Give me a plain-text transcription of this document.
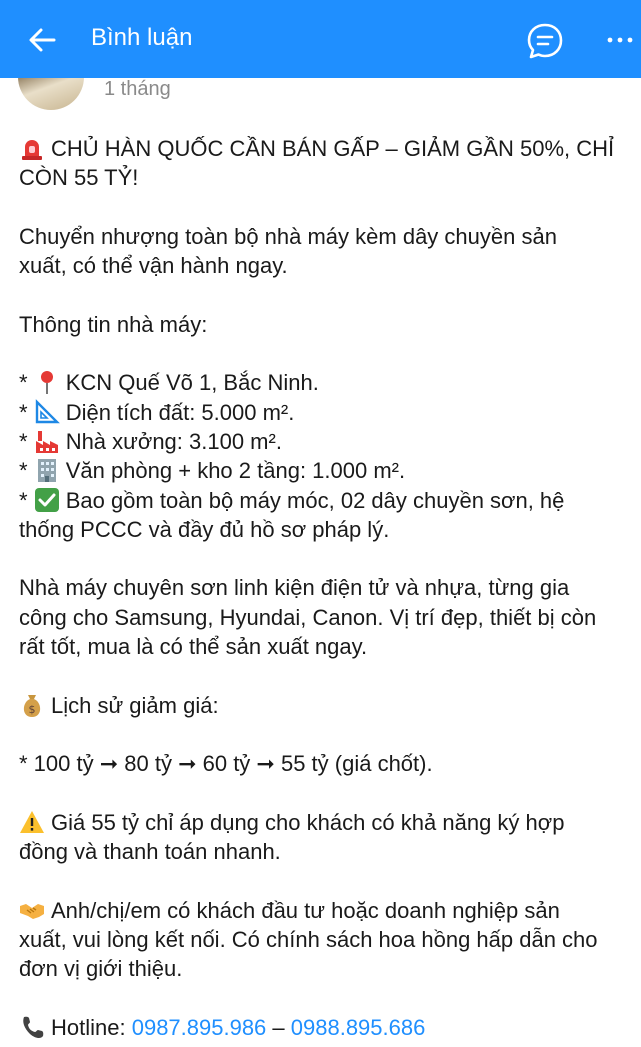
Bình luận
1 tháng
CHỦ HÀN QUỐC CẦN BÁN GẤP – GIẢM GẦN 50%, CHỈ
CÒN 55 TỶ!
Chuyển nhượng toàn bộ nhà máy kèm dây chuyền sản
xuất, có thể vận hành ngay.
Thông tin nhà máy:
* KCN Quế Võ 1, Bắc Ninh.
* Diện tích đất: 5.000 m².
* Nhà xưởng: 3.100 m².
* Văn phòng + kho 2 tầng: 1.000 m².
* Bao gồm toàn bộ máy móc, 02 dây chuyền sơn, hệ
thống PCCC và đầy đủ hồ sơ pháp lý.
Nhà máy chuyên sơn linh kiện điện tử và nhựa, từng gia
công cho Samsung, Hyundai, Canon. Vị trí đẹp, thiết bị còn
rất tốt, mua là có thể sản xuất ngay.
$ Lịch sử giảm giá:
* 100 tỷ ➞ 80 tỷ ➞ 60 tỷ ➞ 55 tỷ (giá chốt).
Giá 55 tỷ chỉ áp dụng cho khách có khả năng ký hợp
đồng và thanh toán nhanh.
Anh/chị/em có khách đầu tư hoặc doanh nghiệp sản
xuất, vui lòng kết nối. Có chính sách hoa hồng hấp dẫn cho
đơn vị giới thiệu.
Hotline: 0987.895.986 – 0988.895.686
